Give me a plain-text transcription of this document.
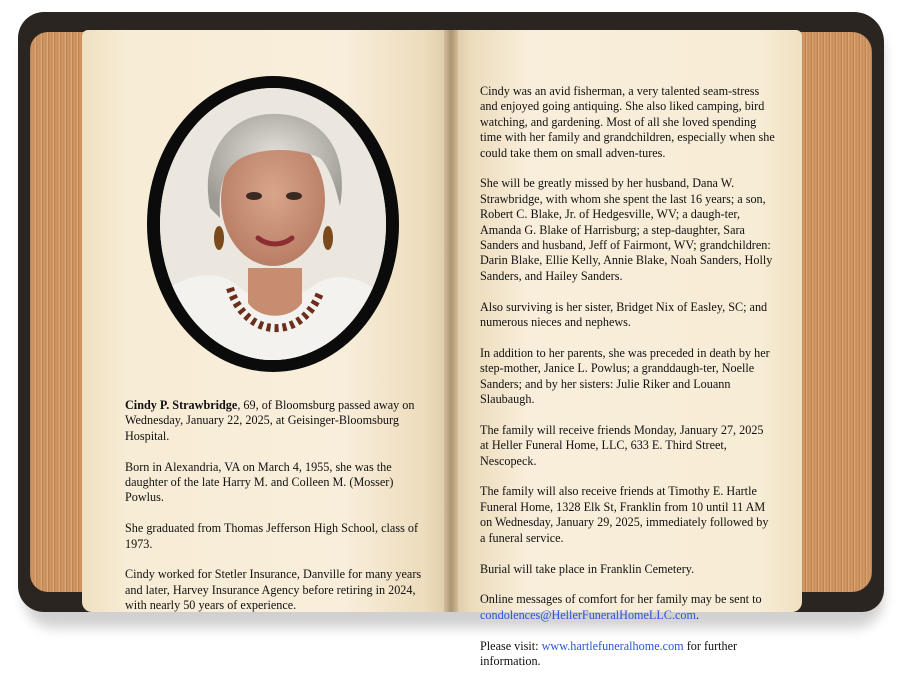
Cindy P. Strawbridge, 69, of Bloomsburg passed away on Wednesday, January 22, 2025, at Geisinger-Bloomsburg Hospital.

Born in Alexandria, VA on March 4, 1955, she was the daughter of the late Harry M. and Colleen M. (Mosser) Powlus.

She graduated from Thomas Jefferson High School, class of 1973.

Cindy worked for Stetler Insurance, Danville for many years and later, Harvey Insurance Agency before retiring in 2024, with nearly 50 years of experience.

Cindy was an avid fisherman, a very talented seam-stress and enjoyed going antiquing. She also liked camping, bird watching, and gardening. Most of all she loved spending time with her family and grandchildren, especially when she could take them on small adven-tures.

She will be greatly missed by her husband, Dana W. Strawbridge, with whom she spent the last 16 years; a son, Robert C. Blake, Jr. of Hedgesville, WV; a daugh-ter, Amanda G. Blake of Harrisburg; a step-daughter, Sara Sanders and husband, Jeff of Fairmont, WV; grandchildren: Darin Blake, Ellie Kelly, Annie Blake, Noah Sanders, Holly Sanders, and Hailey Sanders.

Also surviving is her sister, Bridget Nix of Easley, SC; and numerous nieces and nephews.

In addition to her parents, she was preceded in death by her step-mother, Janice L. Powlus; a granddaugh-ter, Noelle Sanders; and by her sisters: Julie Riker and Louann Slaubaugh.

The family will receive friends Monday, January 27, 2025 at Heller Funeral Home, LLC, 633 E. Third Street, Nescopeck.

The family will also receive friends at Timothy E. Hartle Funeral Home, 1328 Elk St, Franklin from 10 until 11 AM on Wednesday, January 29, 2025, immediately followed by a funeral service.

Burial will take place in Franklin Cemetery.

Online messages of comfort for her family may be sent to condolences@HellerFuneralHomeLLC.com.

Please visit: www.hartlefuneralhome.com for further information.
